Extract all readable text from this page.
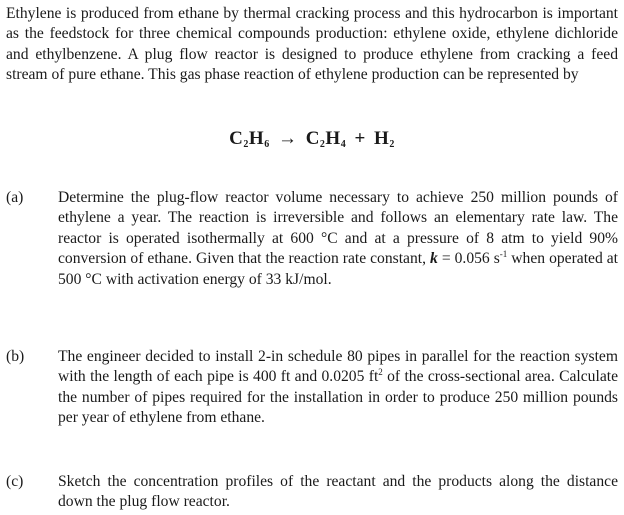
Ethylene is produced from ethane by thermal cracking process and this hydrocarbon is important as the feedstock for three chemical compounds production: ethylene oxide, ethylene dichloride and ethylbenzene. A plug flow reactor is designed to produce ethylene from cracking a feed stream of pure ethane. This gas phase reaction of ethylene production can be represented by
$C_2H_6 \to C_2H_4 + H_2$
(a)	Determine the plug-flow reactor volume necessary to achieve 250 million pounds of ethylene a year. The reaction is irreversible and follows an elementary rate law. The reactor is operated isothermally at 600 °C and at a pressure of 8 atm to yield 90% conversion of ethane. Given that the reaction rate constant, k = 0.056 $s^{-1}$ when operated at 500 °C with activation energy of 33 kJ/mol.
(b)	The engineer decided to install 2-in schedule 80 pipes in parallel for the reaction system with the length of each pipe is 400 ft and 0.0205 $ft^2$ of the cross-sectional area. Calculate the number of pipes required for the installation in order to produce 250 million pounds per year of ethylene from ethane.
(c)	Sketch the concentration profiles of the reactant and the products along the distance down the plug flow reactor.
